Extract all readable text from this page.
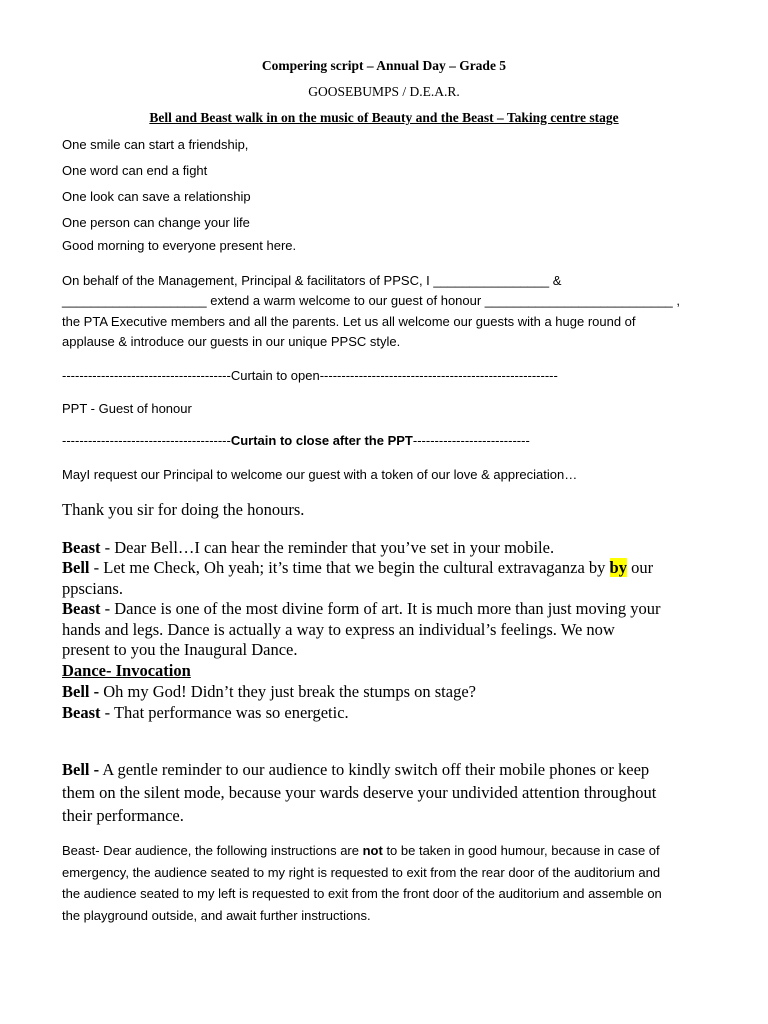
Compering script – Annual Day – Grade 5
GOOSEBUMPS / D.E.A.R.
Bell and Beast walk in on the music of Beauty and the Beast – Taking centre stage
One smile can start a friendship,
One word can end a fight
One look can save a relationship
One person can change your life
Good morning to everyone present here.
On behalf of the Management, Principal & facilitators of PPSC, I ________________ &
____________________ extend a warm welcome to our guest of honour __________________________ ,
the PTA Executive members and all the parents. Let us all welcome our guests with a huge round of
applause & introduce our guests in our unique PPSC style.
---------------------------------------Curtain to open-------------------------------------------------------
PPT - Guest of honour
---------------------------------------Curtain to close after the PPT---------------------------
MayI request our Principal to welcome our guest with a token of our love & appreciation…
Thank you sir for doing the honours.
Beast - Dear Bell…I can hear the reminder that you’ve set in your mobile.
Bell - Let me Check, Oh yeah; it’s time that we begin the cultural extravaganza by by our
ppscians.
Beast - Dance is one of the most divine form of art. It is much more than just moving your
hands and legs. Dance is actually a way to express an individual’s feelings. We now
present to you the Inaugural Dance.
Dance- Invocation
Bell - Oh my God! Didn’t they just break the stumps on stage?
Beast - That performance was so energetic.
Bell - A gentle reminder to our audience to kindly switch off their mobile phones or keep
them on the silent mode, because your wards deserve your undivided attention throughout
their performance.
Beast- Dear audience, the following instructions are not to be taken in good humour, because in case of
emergency, the audience seated to my right is requested to exit from the rear door of the auditorium and
the audience seated to my left is requested to exit from the front door of the auditorium and assemble on
the playground outside, and await further instructions.
